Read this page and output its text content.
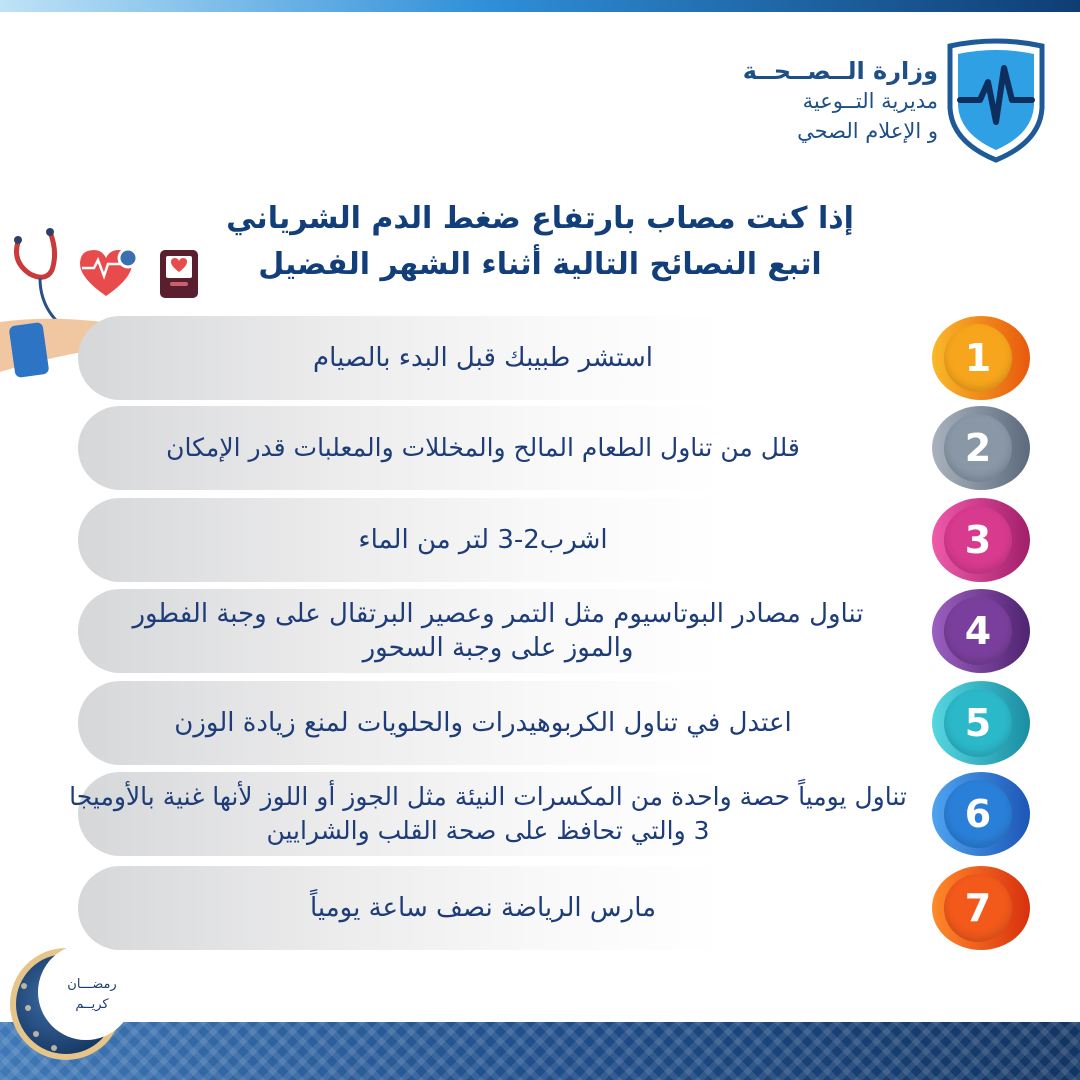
وزارة الــصــحــة
مديرية التــوعية
و الإعلام الصحي
إذا كنت مصاب بارتفاع ضغط الدم الشرياني
اتبع النصائح التالية أثناء الشهر الفضيل
استشر طبيبك قبل البدء بالصيام	1
قلل من تناول الطعام المالح والمخللات والمعلبات قدر الإمكان	2
اشرب2-3 لتر من الماء	3
تناول مصادر البوتاسيوم مثل التمر وعصير البرتقال على وجبة الفطور والموز على وجبة السحور	4
اعتدل في تناول الكربوهيدرات والحلويات لمنع زيادة الوزن	5
تناول يومياً حصة واحدة من المكسرات النيئة مثل الجوز أو اللوز لأنها غنية بالأوميجا 3 والتي تحافظ على صحة القلب والشرايين	6
مارس الرياضة نصف ساعة يومياً	7
رمضـــان
كريــم
